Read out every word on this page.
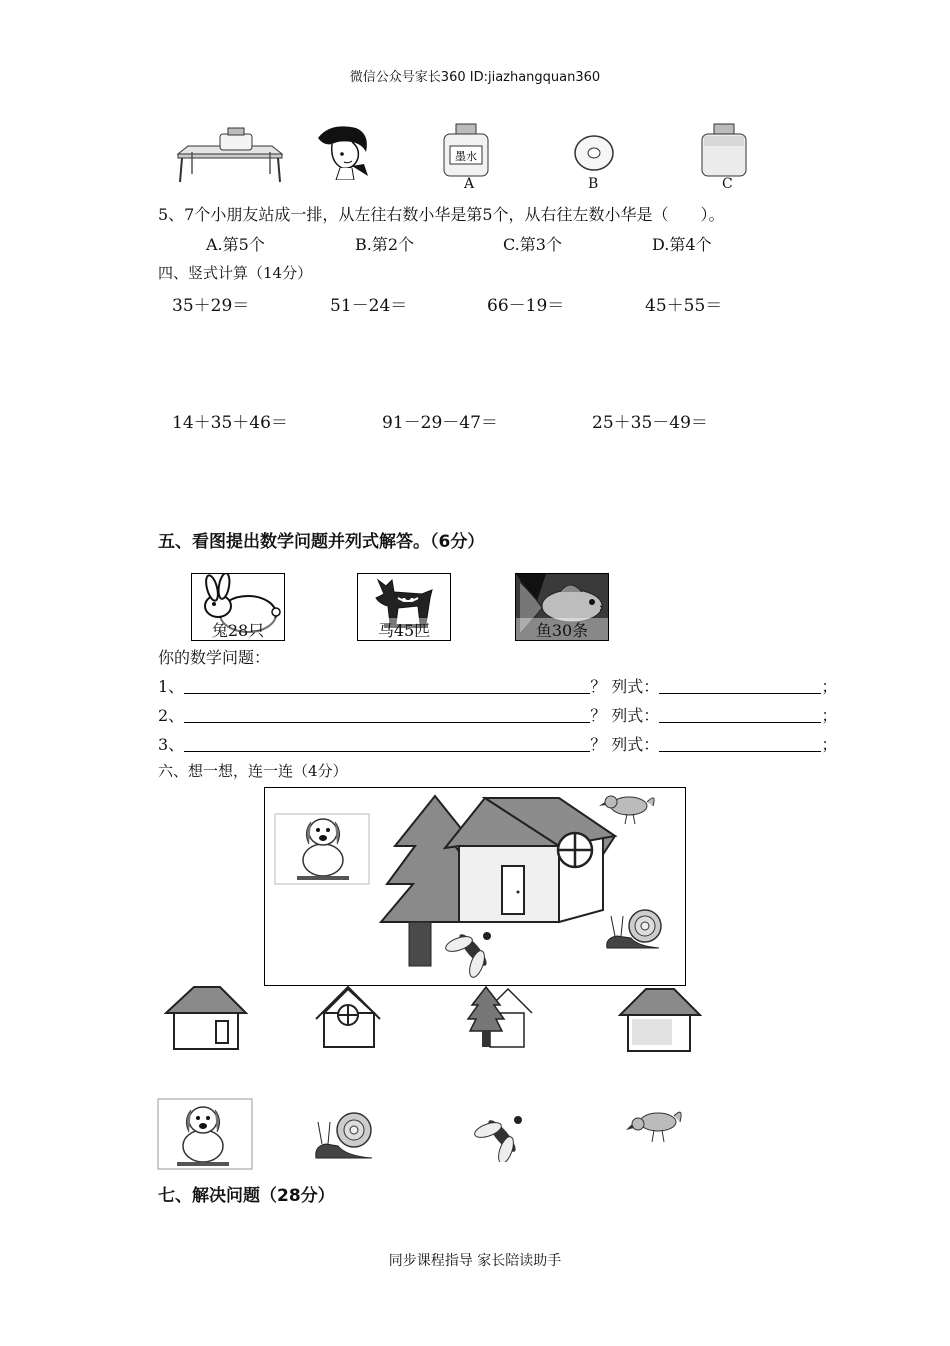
微信公众号家长360 ID:jiazhangquan360
墨水
A	B	C
5、7个小朋友站成一排，从左往右数小华是第5个，从右往左数小华是（　　）。
A.第5个	B.第2个	C.第3个	D.第4个
四、竖式计算（14分）
35＋29＝	51－24＝	66－19＝	45＋55＝
14＋35＋46＝	91－29－47＝	25＋35－49＝
五、看图提出数学问题并列式解答。（6分）
兔28只	马45匹	鱼30条
你的数学问题：
1、	？ 列式：	；
2、	？ 列式：	；
3、	？ 列式：	；
六、想一想，连一连（4分）
七、解决问题（28分）
同步课程指导 家长陪读助手
